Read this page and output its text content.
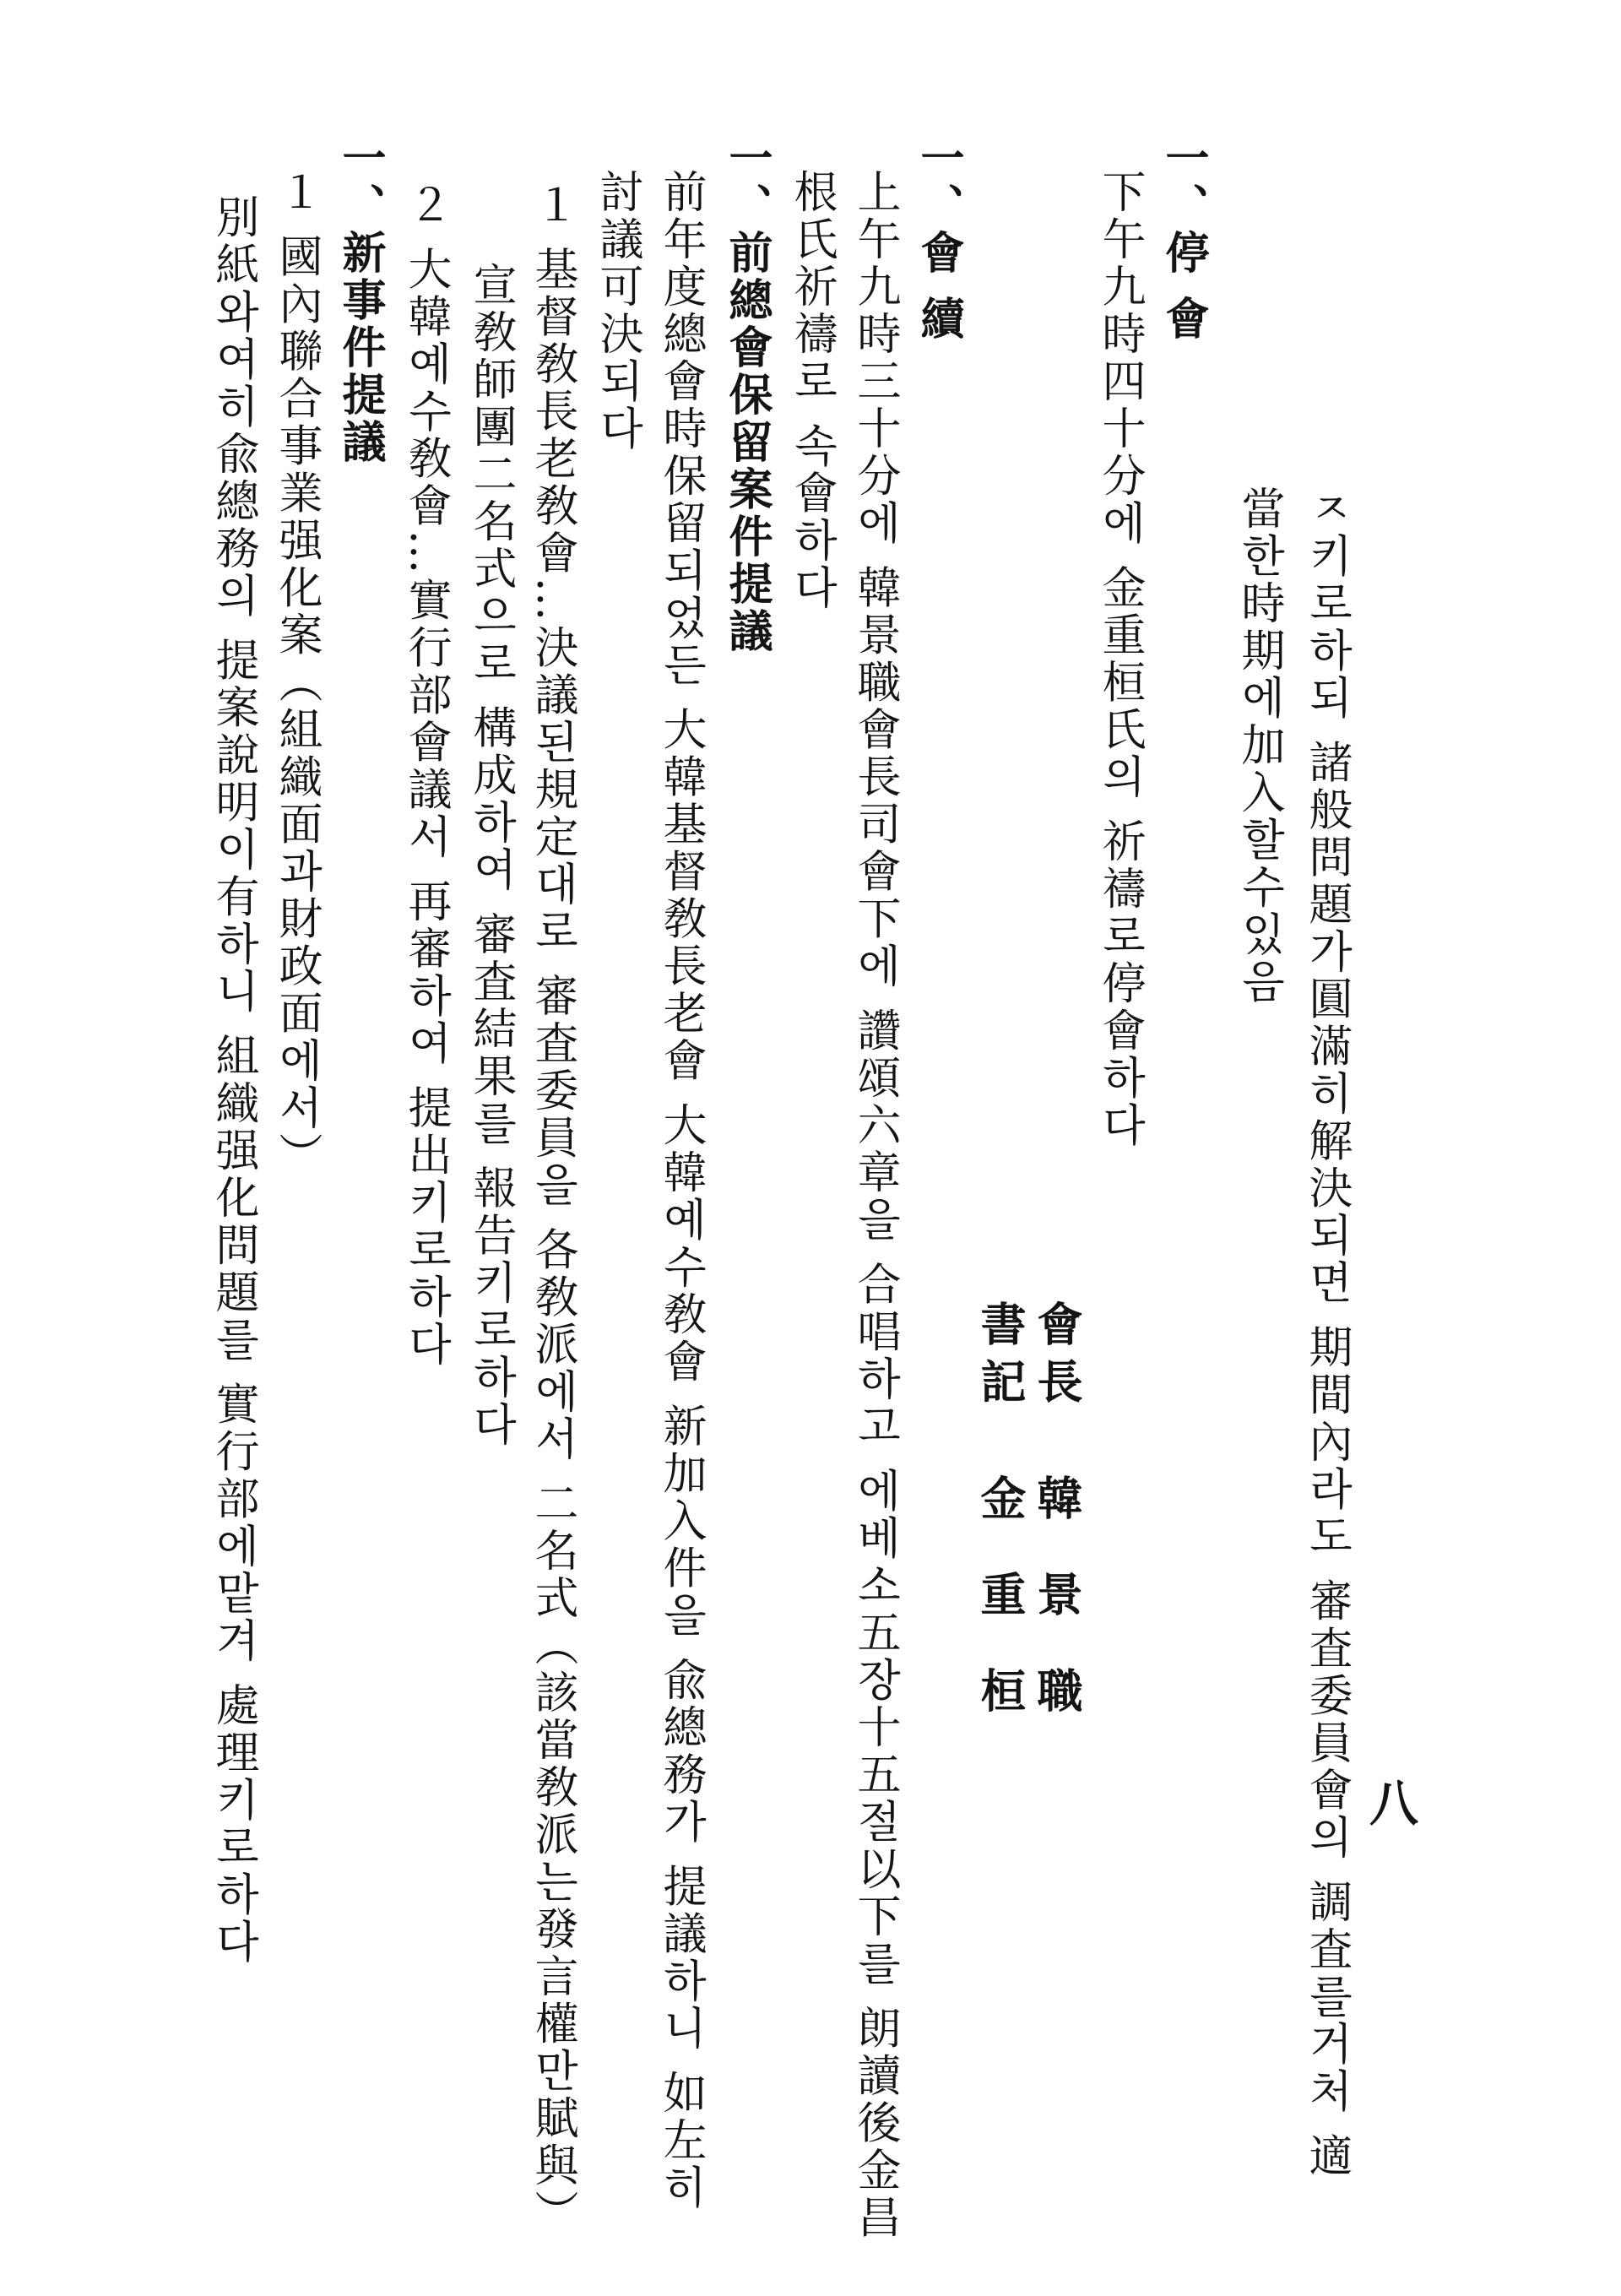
八
ㅈ키로하되 諸般問題가圓滿히解決되면 期間內라도 審査委員會의 調査를거처 適
當한時期에加入할수있음
一、停 會
下午九時四十分에 金重桓氏의 祈禱로停會하다
會長韓景職
書記金重桓
一、會 續
上午九時三十分에 韓景職會長司會下에 讚頌六章을 合唱하고 에베소五장十五절以下를 朗讀後金昌
根氏祈禱로 속會하다
一、前總會保留案件提議
前年度總會時保留되었든 大韓基督敎長老會 大韓예수敎會 新加入件을 兪總務가 提議하니 如左히
討議可決되다
１ 基督敎長老敎會…決議된規定대로 審査委員을 各敎派에서 二名式（該當敎派는發言權만賦與）
宣敎師團二名式으로 構成하여 審査結果를 報告키로하다
２ 大韓예수敎會…實行部會議서 再審하여 提出키로하다
一、新事件提議
１ 國內聯合事業强化案（組織面과財政面에서）
別紙와여히兪總務의 提案說明이有하니 組織强化問題를 實行部에맡겨 處理키로하다
